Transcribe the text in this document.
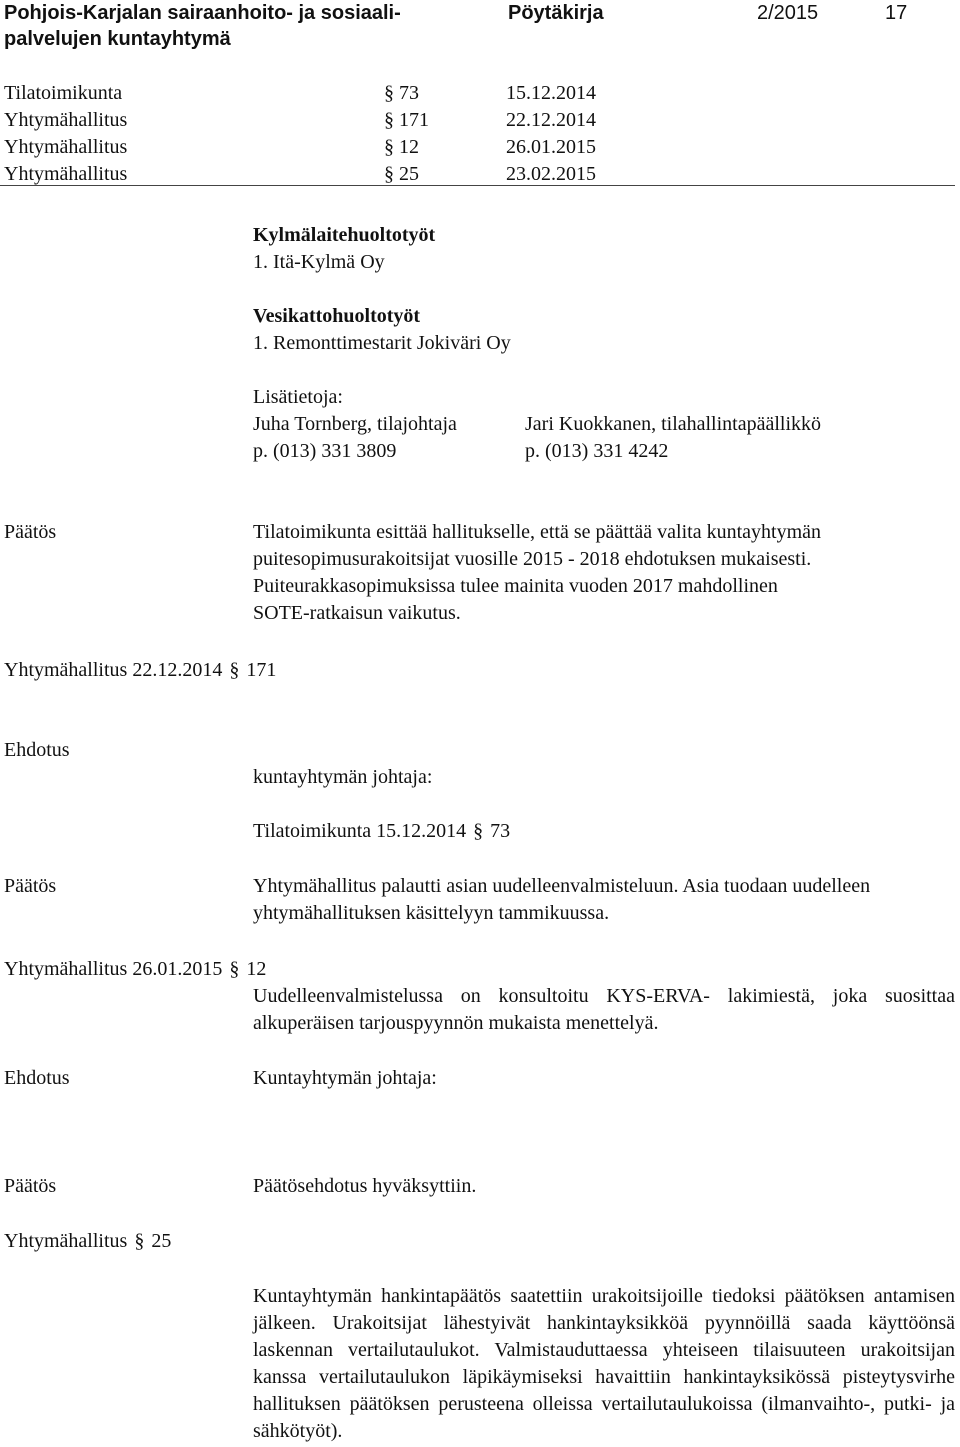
Pohjois-Karjalan sairaanhoito- ja sosiaali-
palvelujen kuntayhtymä
Pöytäkirja	2/2015	17
Tilatoimikunta	§ 73	15.12.2014
Yhtymähallitus	§ 171	22.12.2014
Yhtymähallitus	§ 12	26.01.2015
Yhtymähallitus	§ 25	23.02.2015
Kylmälaitehuoltotyöt
1. Itä-Kylmä Oy
Vesikattohuoltotyöt
1. Remonttimestarit Jokiväri Oy
Lisätietoja:
Juha Tornberg, tilajohtaja
p. (013) 331 3809
Jari Kuokkanen, tilahallintapäällikkö
p. (013) 331 4242
Päätös	Tilatoimikunta esittää hallitukselle, että se päättää valita kuntayhtymän
puitesopimusurakoitsijat vuosille 2015 - 2018 ehdotuksen mukaisesti.
Puiteurakkasopimuksissa tulee mainita vuoden 2017 mahdollinen
SOTE-ratkaisun vaikutus.
Yhtymähallitus 22.12.2014 § 171
Ehdotus
kuntayhtymän johtaja:
Tilatoimikunta 15.12.2014 § 73
Päätös	Yhtymähallitus palautti asian uudelleenvalmisteluun. Asia tuodaan uudelleen yhtymähallituksen käsittelyyn tammikuussa.
Yhtymähallitus 26.01.2015 § 12
Uudelleenvalmistelussa on konsultoitu KYS-ERVA- lakimiestä, joka suosittaa alkuperäisen tarjouspyynnön mukaista menettelyä.
Ehdotus	Kuntayhtymän johtaja:
Päätös	Päätösehdotus hyväksyttiin.
Yhtymähallitus § 25
Kuntayhtymän hankintapäätös saatettiin urakoitsijoille tiedoksi päätöksen antamisen jälkeen. Urakoitsijat lähestyivät hankintayksikköä pyynnöillä saada käyttöönsä laskennan vertailutaulukot. Valmistauduttaessa yhteiseen tilaisuuteen urakoitsijan kanssa vertailutaulukon läpikäymiseksi havaittiin hankintayksikössä pisteytysvirhe hallituksen päätöksen perusteena olleissa vertailutaulukoissa (ilmanvaihto-, putki- ja sähkötyöt).
